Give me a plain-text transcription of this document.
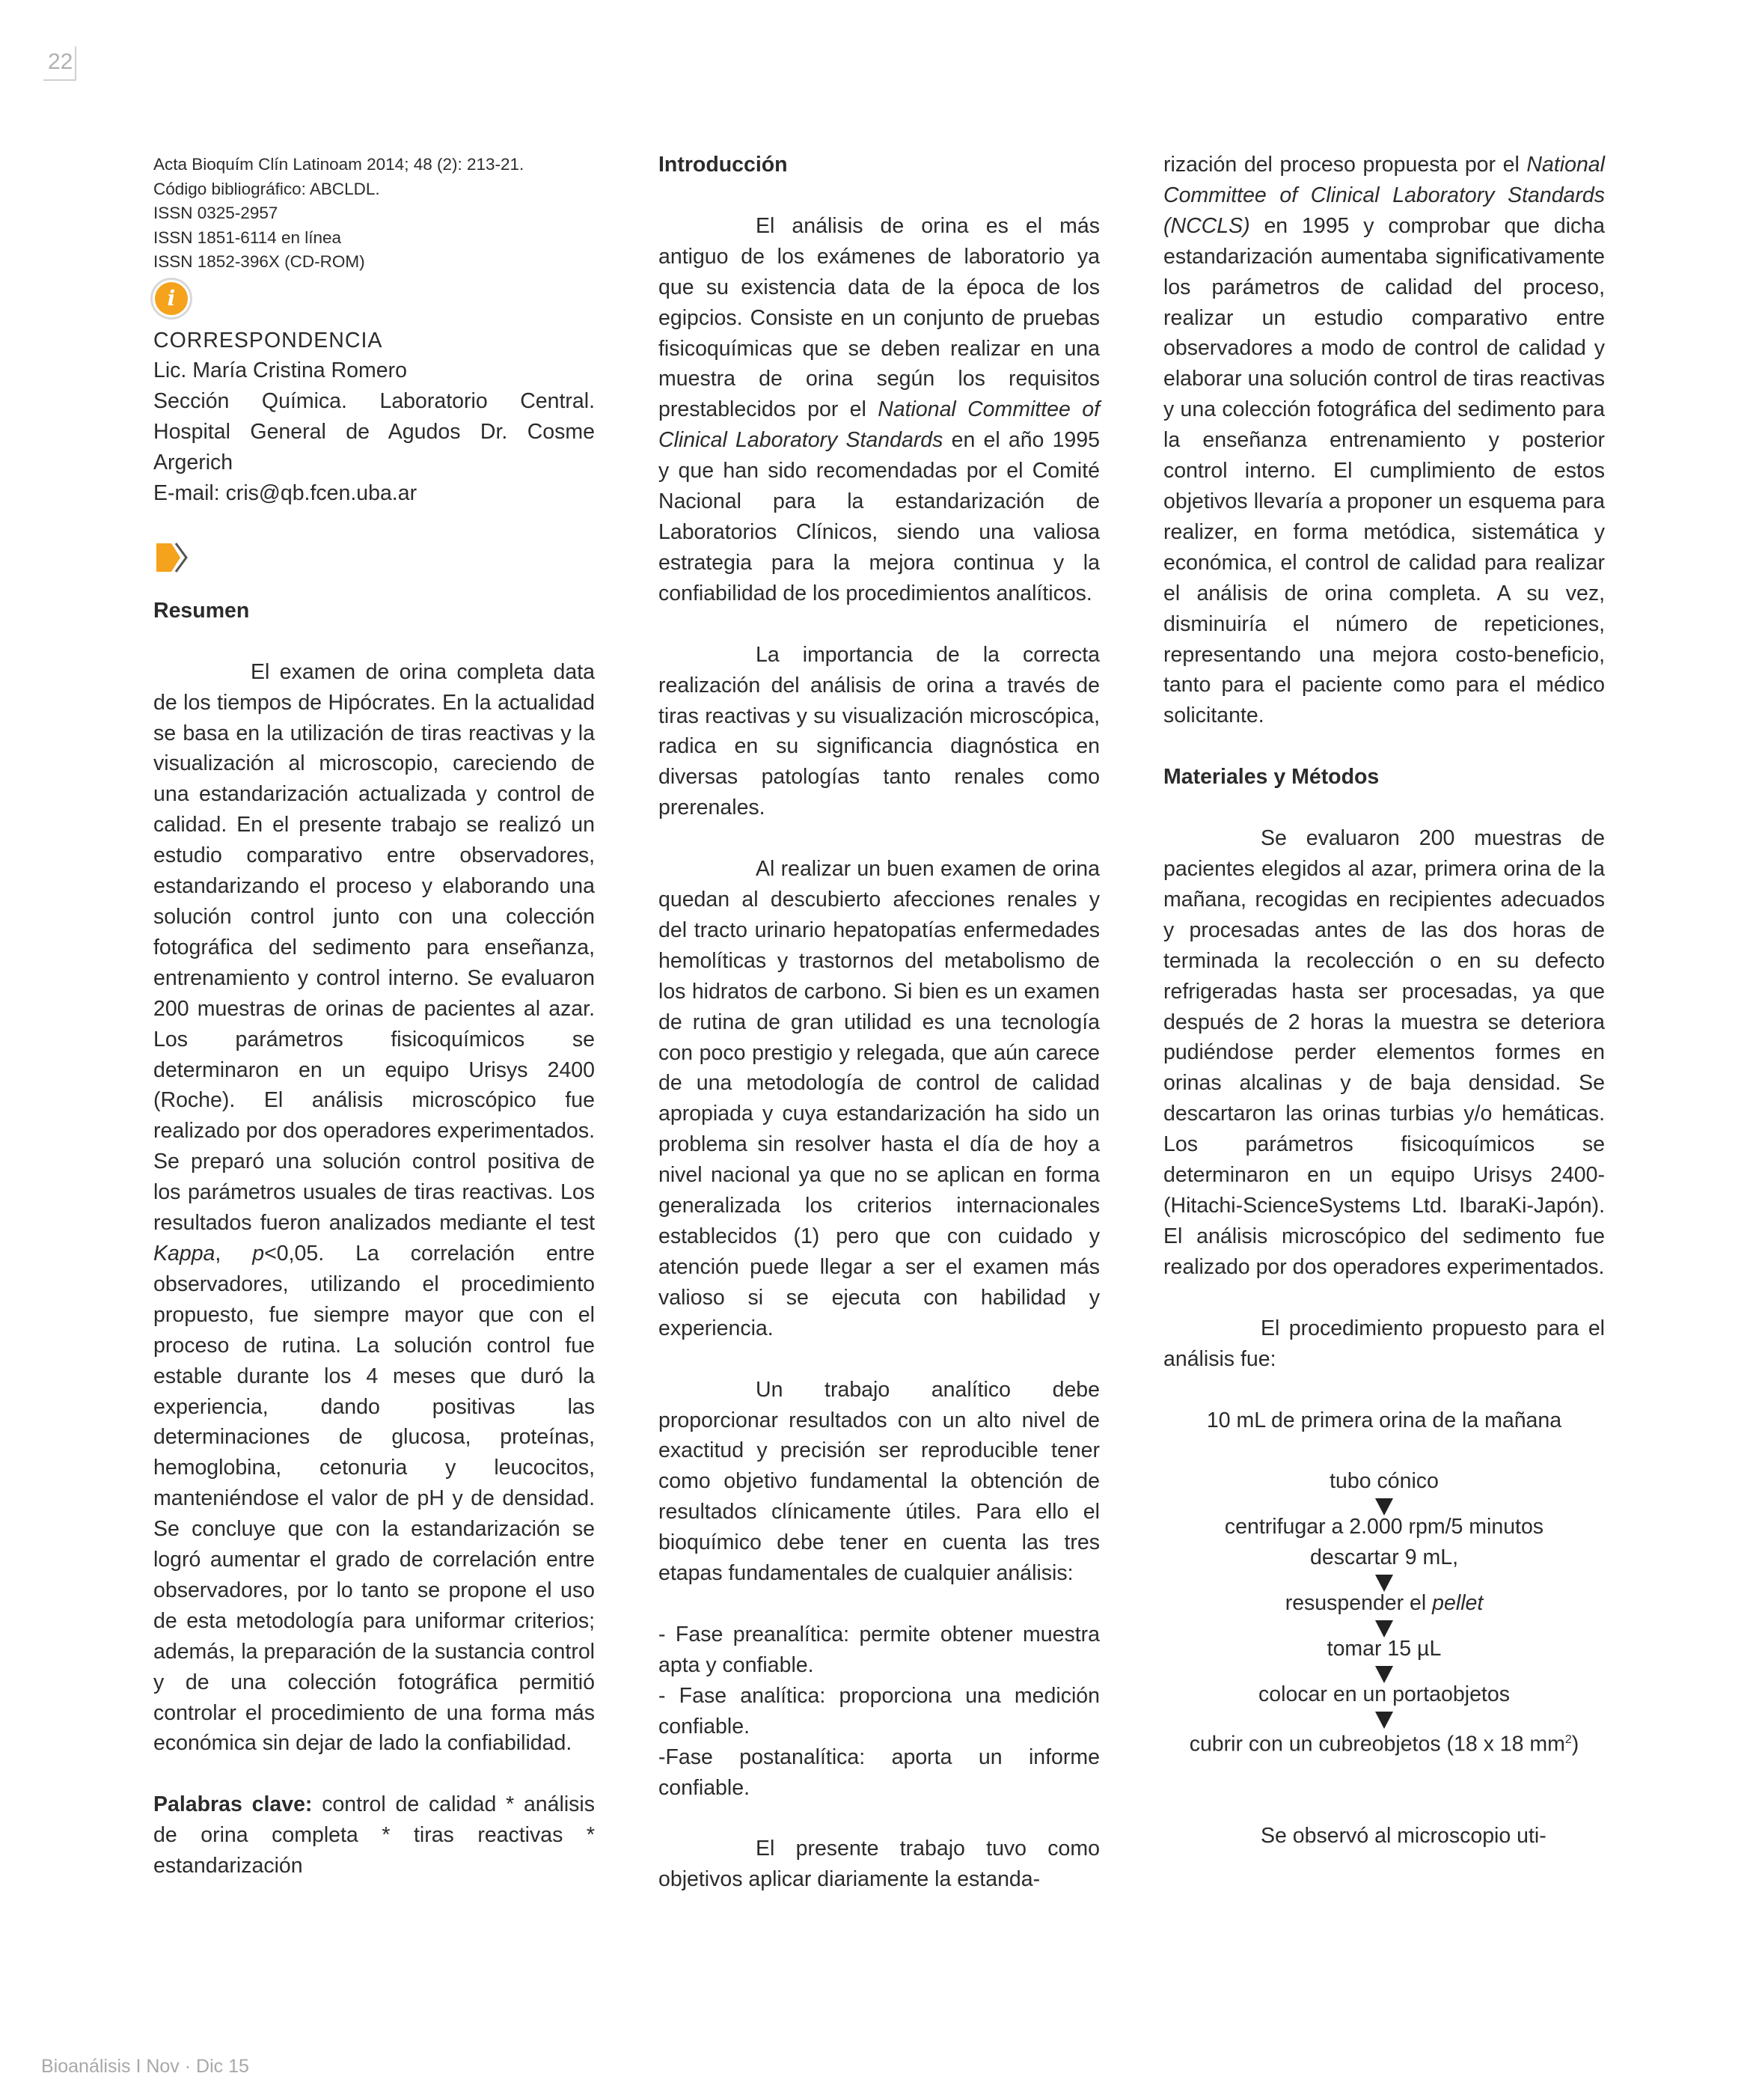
22
Acta Bioquím Clín Latinoam 2014; 48 (2): 213-21.
Código bibliográfico: ABCLDL.
ISSN 0325-2957
ISSN 1851-6114 en línea
ISSN 1852-396X (CD-ROM)
i

CORRESPONDENCIA

Lic. María Cristina Romero

Sección Química. Laboratorio Central. Hospital General de Agudos Dr. Cosme Argerich

E-mail: cris@qb.fcen.uba.ar

Resumen

El examen de orina completa data de los tiempos de Hipócrates. En la actualidad se basa en la utilización de tiras reactivas y la visualización al microscopio, careciendo de una estandarización actualizada y control de calidad. En el presente trabajo se realizó un estudio comparativo entre observadores, estandarizando el proceso y elaborando una solución control junto con una colección fotográfica del sedimento para enseñanza, entrenamiento y control interno. Se evaluaron 200 muestras de orinas de pacientes al azar. Los parámetros fisicoquímicos se determinaron en un equipo Urisys 2400 (Roche). El análisis microscópico fue realizado por dos operadores experimentados. Se preparó una solución control positiva de los parámetros usuales de tiras reactivas. Los resultados fueron analizados mediante el test Kappa, p<0,05. La correlación entre observadores, utilizando el procedimiento propuesto, fue siempre mayor que con el proceso de rutina. La solución control fue estable durante los 4 meses que duró la experiencia, dando positivas las determinaciones de glucosa, proteínas, hemoglobina, cetonuria y leucocitos, manteniéndose el valor de pH y de densidad. Se concluye que con la estandarización se logró aumentar el grado de correlación entre observadores, por lo tanto se propone el uso de esta metodología para uniformar criterios; además, la preparación de la sustancia control y de una colección fotográfica permitió controlar el procedimiento de una forma más económica sin dejar de lado la confiabilidad.

Palabras clave: control de calidad * análisis de orina completa * tiras reactivas * estandarización

Introducción

El análisis de orina es el más antiguo de los exámenes de laboratorio ya que su existencia data de la época de los egipcios. Consiste en un conjunto de pruebas fisicoquímicas que se deben realizar en una muestra de orina según los requisitos prestablecidos por el National Committee of Clinical Laboratory Standards en el año 1995 y que han sido recomendadas por el Comité Nacional para la estandarización de Laboratorios Clínicos, siendo una valiosa estrategia para la mejora continua y la confiabilidad de los procedimientos analíticos.

La importancia de la correcta realización del análisis de orina a través de tiras reactivas y su visualización microscópica, radica en su significancia diagnóstica en diversas patologías tanto renales como prerenales.

Al realizar un buen examen de orina quedan al descubierto afecciones renales y del tracto urinario hepatopatías enfermedades hemolíticas y trastornos del metabolismo de los hidratos de carbono. Si bien es un examen de rutina de gran utilidad es una tecnología con poco prestigio y relegada, que aún carece de una metodología de control de calidad apropiada y cuya estandarización ha sido un problema sin resolver hasta el día de hoy a nivel nacional ya que no se aplican en forma generalizada los criterios internacionales establecidos (1) pero que con cuidado y atención puede llegar a ser el examen más valioso si se ejecuta con habilidad y experiencia.

Un trabajo analítico debe proporcionar resultados con un alto nivel de exactitud y precisión ser reproducible tener como objetivo fundamental la obtención de resultados clínicamente útiles. Para ello el bioquímico debe tener en cuenta las tres etapas fundamentales de cualquier análisis:

- Fase preanalítica: permite obtener muestra apta y confiable.

- Fase analítica: proporciona una medición confiable.

-Fase postanalítica: aporta un informe confiable.

El presente trabajo tuvo como objetivos aplicar diariamente la estanda-

rización del proceso propuesta por el National Committee of Clinical Laboratory Standards (NCCLS) en 1995 y comprobar que dicha estandarización aumentaba significativamente los parámetros de calidad del proceso, realizar un estudio comparativo entre observadores a modo de control de calidad y elaborar una solución control de tiras reactivas y una colección fotográfica del sedimento para la enseñanza entrenamiento y posterior control interno. El cumplimiento de estos objetivos llevaría a proponer un esquema para realizer, en forma metódica, sistemática y económica, el control de calidad para realizar el análisis de orina completa. A su vez, disminuiría el número de repeticiones, representando una mejora costo-beneficio, tanto para el paciente como para el médico solicitante.

Materiales y Métodos

Se evaluaron 200 muestras de pacientes elegidos al azar, primera orina de la mañana, recogidas en recipientes adecuados y procesadas antes de las dos horas de terminada la recolección o en su defecto refrigeradas hasta ser procesadas, ya que después de 2 horas la muestra se deteriora pudiéndose perder elementos formes en orinas alcalinas y de baja densidad. Se descartaron las orinas turbias y/o hemáticas. Los parámetros fisicoquímicos se determinaron en un equipo Urisys 2400-(Hitachi-ScienceSystems Ltd. IbaraKi-Japón). El análisis microscópico del sedimento fue realizado por dos operadores experimentados.

El procedimiento propuesto para el análisis fue:

10 mL de primera orina de la mañana

tubo cónico

centrifugar a 2.000 rpm/5 minutos

descartar 9 mL,

resuspender el pellet

tomar 15 µL

colocar en un portaobjetos

cubrir con un cubreobjetos (18 x 18 $mm^2$)

Se observó al microscopio uti-

Bioanálisis I Nov · Dic 15
